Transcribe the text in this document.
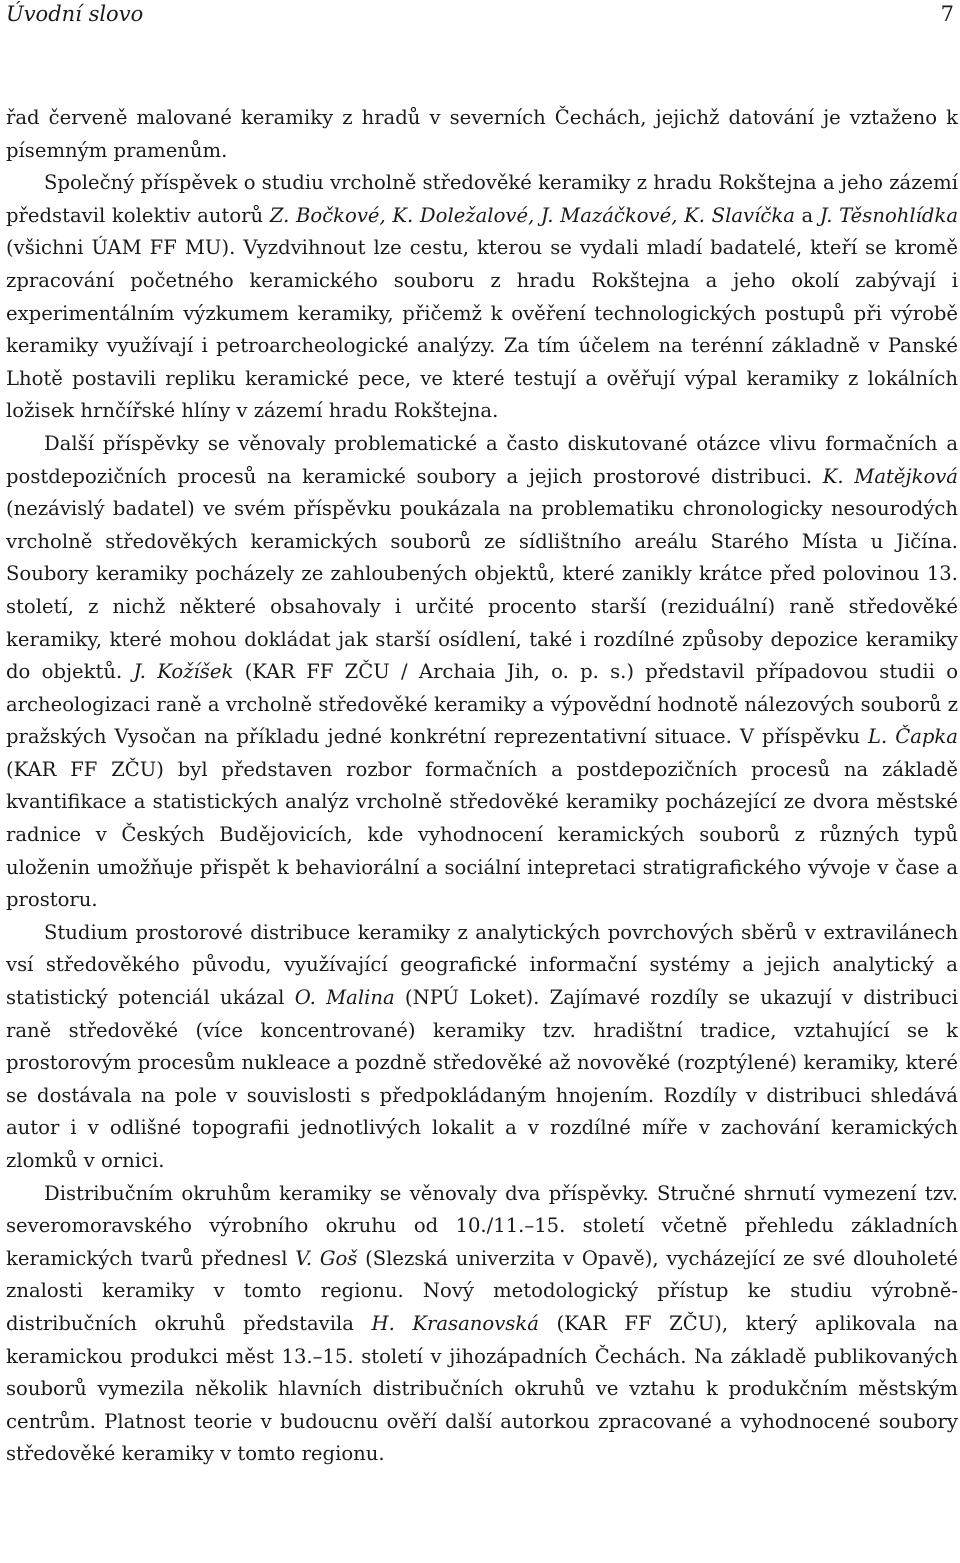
Úvodní slovo	7

řad červeně malované keramiky z hradů v severních Čechách, jejichž datování je vztaženo k písemným pramenům.

Společný příspěvek o studiu vrcholně středověké keramiky z hradu Rokštejna a jeho zázemí představil kolektiv autorů Z. Bočkové, K. Doležalové, J. Mazáčkové, K. Slavíčka a J. Těsnohlídka (všichni ÚAM FF MU). Vyzdvihnout lze cestu, kterou se vydali mladí badatelé, kteří se kromě zpracování početného keramického souboru z hradu Rokštejna a jeho okolí zabývají i experimentálním výzkumem keramiky, přičemž k ověření technologických postupů při výrobě keramiky využívají i petroarcheologické analýzy. Za tím účelem na terénní základně v Panské Lhotě postavili repliku keramické pece, ve které testují a ověřují výpal keramiky z lokálních ložisek hrnčířské hlíny v zázemí hradu Rokštejna.

Další příspěvky se věnovaly problematické a často diskutované otázce vlivu formačních a postdepozičních procesů na keramické soubory a jejich prostorové distribuci. K. Matějková (nezávislý badatel) ve svém příspěvku poukázala na problematiku chronologicky nesourodých vrcholně středověkých keramických souborů ze sídlištního areálu Starého Místa u Jičína. Soubory keramiky pocházely ze zahloubených objektů, které zanikly krátce před polovinou 13. století, z nichž některé obsahovaly i určité procento starší (reziduální) raně středověké keramiky, které mohou dokládat jak starší osídlení, také i rozdílné způsoby depozice keramiky do objektů. J. Kožíšek (KAR FF ZČU / Archaia Jih, o. p. s.) představil případovou studii o archeologizaci raně a vrcholně středověké keramiky a výpovědní hodnotě nálezových souborů z pražských Vysočan na příkladu jedné konkrétní reprezentativní situace. V příspěvku L. Čapka (KAR FF ZČU) byl představen rozbor formačních a postdepozičních procesů na základě kvantifikace a statistických analýz vrcholně středověké keramiky pocházející ze dvora městské radnice v Českých Budějovicích, kde vyhodnocení keramických souborů z různých typů uloženin umožňuje přispět k behaviorální a sociální intepretaci stratigrafického vývoje v čase a prostoru.

Studium prostorové distribuce keramiky z analytických povrchových sběrů v extravilánech vsí středověkého původu, využívající geografické informační systémy a jejich analytický a statistický potenciál ukázal O. Malina (NPÚ Loket). Zajímavé rozdíly se ukazují v distribuci raně středověké (více koncentrované) keramiky tzv. hradištní tradice, vztahující se k prostorovým procesům nukleace a pozdně středověké až novověké (rozptýlené) keramiky, které se dostávala na pole v souvislosti s předpokládaným hnojením. Rozdíly v distribuci shledává autor i v odlišné topografii jednotlivých lokalit a v rozdílné míře v zachování keramických zlomků v ornici.

Distribučním okruhům keramiky se věnovaly dva příspěvky. Stručné shrnutí vymezení tzv. severomoravského výrobního okruhu od 10./11.–15. století včetně přehledu základních keramických tvarů přednesl V. Goš (Slezská univerzita v Opavě), vycházející ze své dlouholeté znalosti keramiky v tomto regionu. Nový metodologický přístup ke studiu výrobně-distribučních okruhů představila H. Krasanovská (KAR FF ZČU), který aplikovala na keramickou produkci měst 13.–15. století v jihozápadních Čechách. Na základě publikovaných souborů vymezila několik hlavních distribučních okruhů ve vztahu k produkčním městským centrům. Platnost teorie v budoucnu ověří další autorkou zpracované a vyhodnocené soubory středověké keramiky v tomto regionu.
